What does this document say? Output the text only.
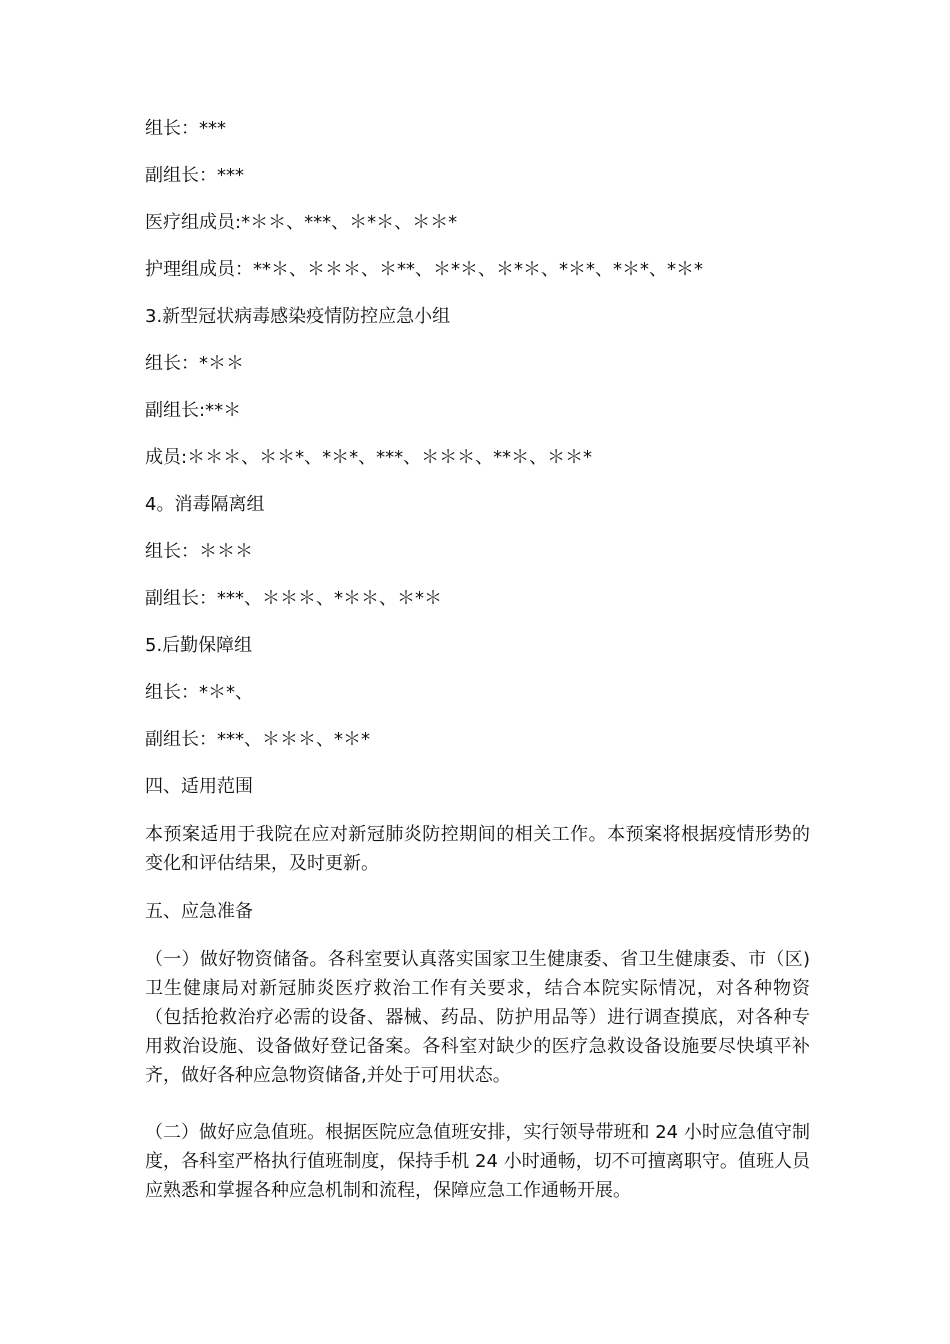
组长：***
副组长：***
医疗组成员:*＊＊、***、＊*＊、＊＊*
护理组成员：**＊、＊＊＊、＊**、＊*＊、＊*＊、*＊*、*＊*、*＊*
3.新型冠状病毒感染疫情防控应急小组
组长：*＊＊
副组长:**＊
成员:＊＊＊、＊＊*、*＊*、***、＊＊＊、**＊、＊＊*
4。消毒隔离组
组长：＊＊＊
副组长：***、＊＊＊、*＊＊、＊*＊
5.后勤保障组
组长：*＊*、
副组长：***、＊＊＊、*＊*
四、适用范围
本预案适用于我院在应对新冠肺炎防控期间的相关工作。本预案将根据疫情形势的变化和评估结果，及时更新。
五、应急准备
（一）做好物资储备。各科室要认真落实国家卫生健康委、省卫生健康委、市（区)卫生健康局对新冠肺炎医疗救治工作有关要求，结合本院实际情况，对各种物资（包括抢救治疗必需的设备、器械、药品、防护用品等）进行调查摸底，对各种专用救治设施、设备做好登记备案。各科室对缺少的医疗急救设备设施要尽快填平补齐，做好各种应急物资储备,并处于可用状态。
（二）做好应急值班。根据医院应急值班安排，实行领导带班和 24 小时应急值守制度，各科室严格执行值班制度，保持手机 24 小时通畅，切不可擅离职守。值班人员应熟悉和掌握各种应急机制和流程，保障应急工作通畅开展。
